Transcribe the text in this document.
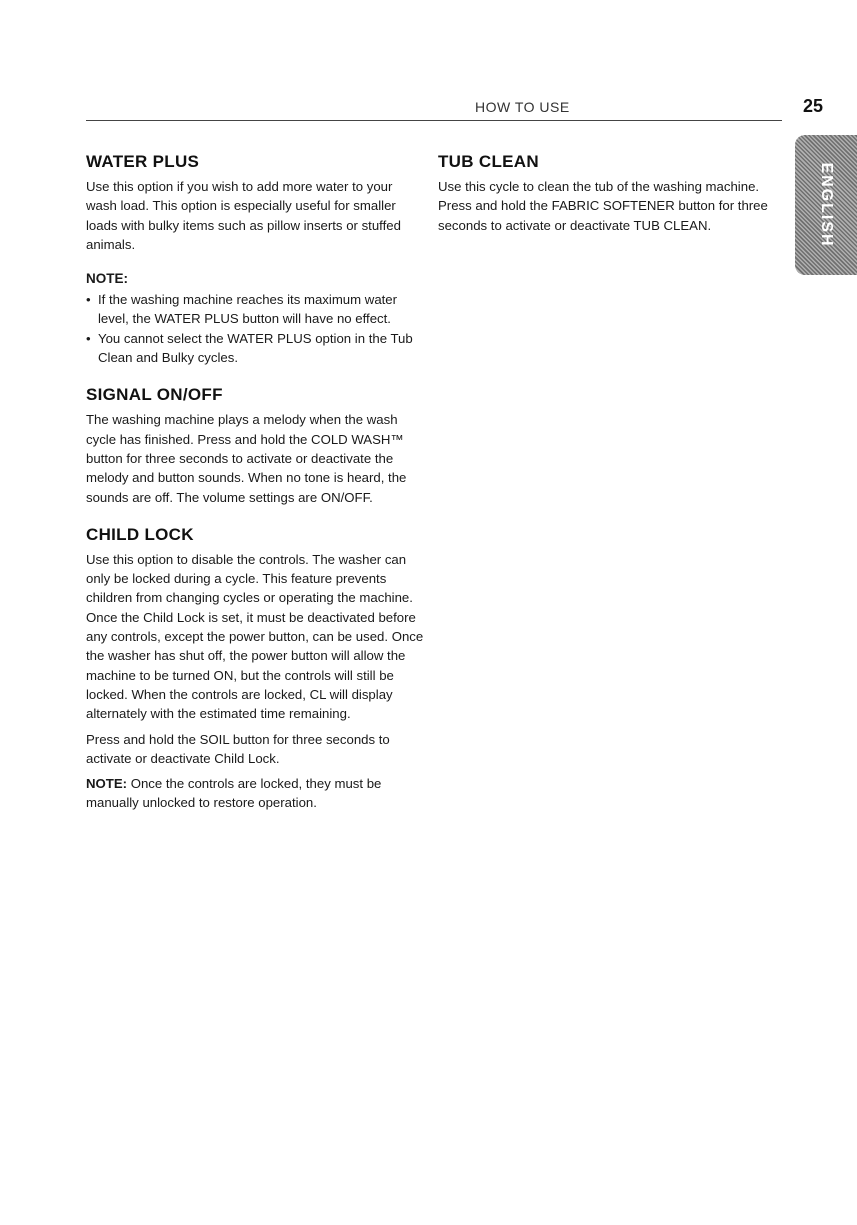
HOW TO USE	25
WATER PLUS

Use this option if you wish to add more water to your wash load. This option is especially useful for smaller loads with bulky items such as pillow inserts or stuffed animals.

NOTE:
• If the washing machine reaches its maximum water level, the WATER PLUS button will have no effect.
• You cannot select the WATER PLUS option in the Tub Clean and Bulky cycles.
SIGNAL ON/OFF

The washing machine plays a melody when the wash cycle has finished. Press and hold the COLD WASH™ button for three seconds to activate or deactivate the melody and button sounds. When no tone is heard, the sounds are off. The volume settings are ON/OFF.

CHILD LOCK

Use this option to disable the controls. The washer can only be locked during a cycle. This feature prevents children from changing cycles or operating the machine. Once the Child Lock is set, it must be deactivated before any controls, except the power button, can be used. Once the washer has shut off, the power button will allow the machine to be turned ON, but the controls will still be locked. When the controls are locked, CL will display alternately with the estimated time remaining.

Press and hold the SOIL button for three seconds to activate or deactivate Child Lock.

NOTE: Once the controls are locked, they must be manually unlocked to restore operation.

TUB CLEAN

Use this cycle to clean the tub of the washing machine.

Press and hold the FABRIC SOFTENER button for three seconds to activate or deactivate TUB CLEAN.	ENGLISH
